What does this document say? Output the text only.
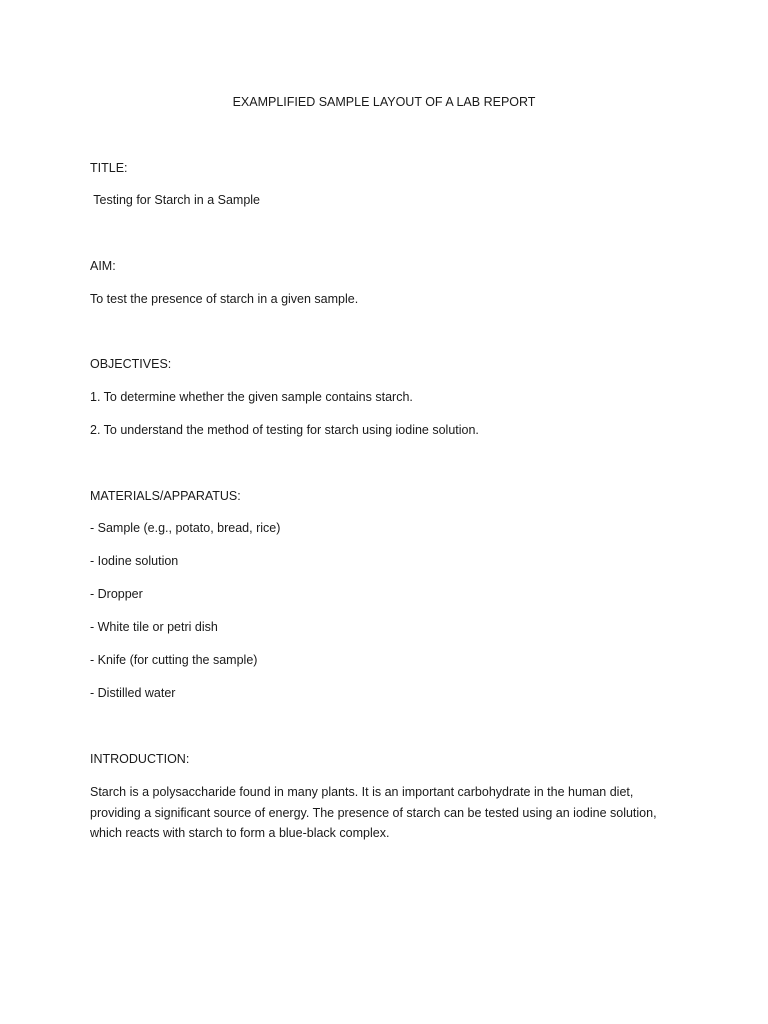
EXAMPLIFIED SAMPLE LAYOUT OF A LAB REPORT
TITLE:
Testing for Starch in a Sample
AIM:
To test the presence of starch in a given sample.
OBJECTIVES:
1. To determine whether the given sample contains starch.
2. To understand the method of testing for starch using iodine solution.
MATERIALS/APPARATUS:
- Sample (e.g., potato, bread, rice)
- Iodine solution
- Dropper
- White tile or petri dish
- Knife (for cutting the sample)
- Distilled water
INTRODUCTION:
Starch is a polysaccharide found in many plants. It is an important carbohydrate in the human diet, providing a significant source of energy. The presence of starch can be tested using an iodine solution, which reacts with starch to form a blue-black complex.
